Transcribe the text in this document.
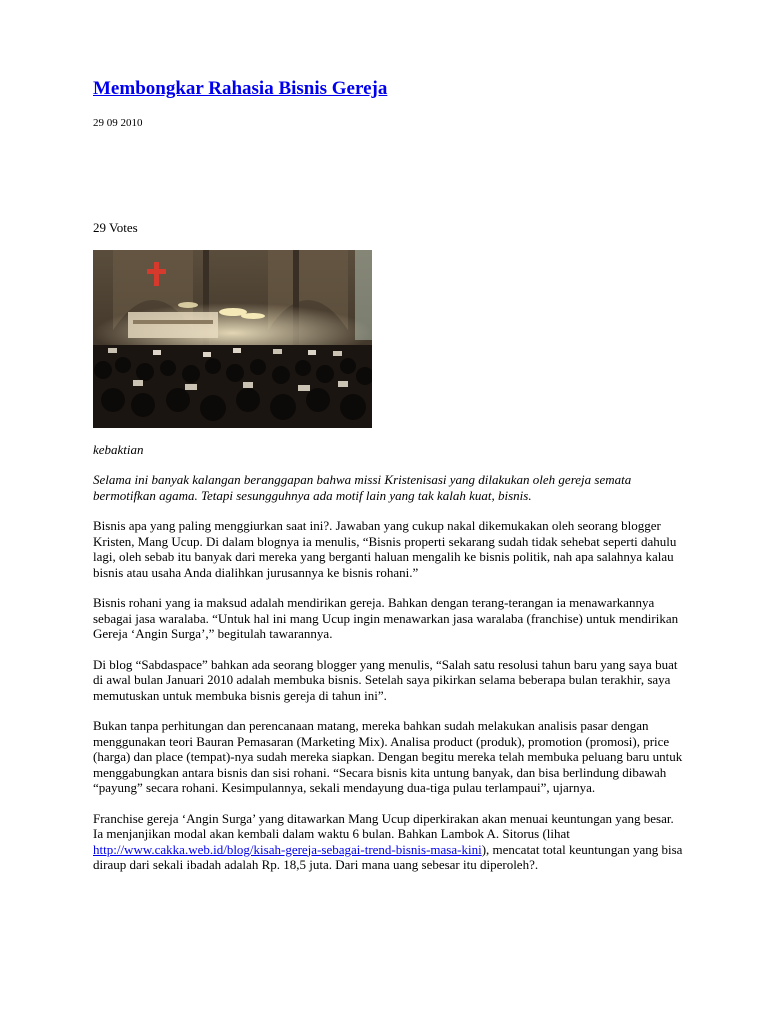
Membongkar Rahasia Bisnis Gereja
29 09 2010
29 Votes
kebaktian

Selama ini banyak kalangan beranggapan bahwa missi Kristenisasi yang dilakukan oleh gereja semata bermotifkan agama. Tetapi sesungguhnya ada motif lain yang tak kalah kuat, bisnis.

Bisnis apa yang paling menggiurkan saat ini?. Jawaban yang cukup nakal dikemukakan oleh seorang blogger Kristen, Mang Ucup. Di dalam blognya ia menulis, “Bisnis properti sekarang sudah tidak sehebat seperti dahulu lagi, oleh sebab itu banyak dari mereka yang berganti haluan mengalih ke bisnis politik, nah apa salahnya kalau bisnis atau usaha Anda dialihkan jurusannya ke bisnis rohani.”

Bisnis rohani yang ia maksud adalah mendirikan gereja. Bahkan dengan terang-terangan ia menawarkannya sebagai jasa waralaba. “Untuk hal ini mang Ucup ingin menawarkan jasa waralaba (franchise) untuk mendirikan Gereja ‘Angin Surga’,” begitulah tawarannya.

Di blog “Sabdaspace” bahkan ada seorang blogger yang menulis, “Salah satu resolusi tahun baru yang saya buat di awal bulan Januari 2010 adalah membuka bisnis. Setelah saya pikirkan selama beberapa bulan terakhir, saya memutuskan untuk membuka bisnis gereja di tahun ini”.

Bukan tanpa perhitungan dan perencanaan matang, mereka bahkan sudah melakukan analisis pasar dengan menggunakan teori Bauran Pemasaran (Marketing Mix). Analisa product (produk), promotion (promosi), price (harga) dan place (tempat)-nya sudah mereka siapkan. Dengan begitu mereka telah membuka peluang baru untuk menggabungkan antara bisnis dan sisi rohani. “Secara bisnis kita untung banyak, dan bisa berlindung dibawah “payung” secara rohani. Kesimpulannya, sekali mendayung dua-tiga pulau terlampaui”, ujarnya.

Franchise gereja ‘Angin Surga’ yang ditawarkan Mang Ucup diperkirakan akan menuai keuntungan yang besar. Ia menjanjikan modal akan kembali dalam waktu 6 bulan. Bahkan Lambok A. Sitorus (lihat http://www.cakka.web.id/blog/kisah-gereja-sebagai-trend-bisnis-masa-kini), mencatat total keuntungan yang bisa diraup dari sekali ibadah adalah Rp. 18,5 juta. Dari mana uang sebesar itu diperoleh?.
